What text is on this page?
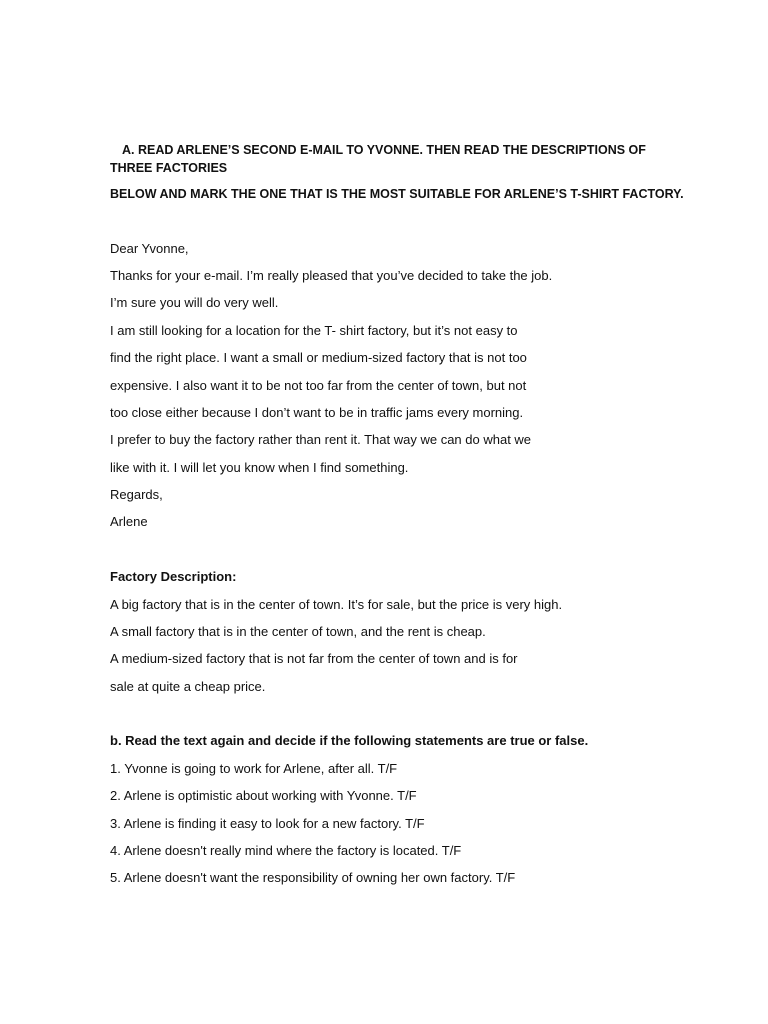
A. READ ARLENE’S SECOND E-MAIL TO YVONNE. THEN READ THE DESCRIPTIONS OF THREE FACTORIES
BELOW AND MARK THE ONE THAT IS THE MOST SUITABLE FOR ARLENE’S T-SHIRT FACTORY.
Dear Yvonne,
Thanks for your e-mail. I’m really pleased that you’ve decided to take the job.
I’m sure you will do very well.
I am still looking for a location for the T- shirt factory, but it’s not easy to
find the right place. I want a small or medium-sized factory that is not too
expensive. I also want it to be not too far from the center of town, but not
too close either because I don’t want to be in traffic jams every morning.
I prefer to buy the factory rather than rent it. That way we can do what we
like with it. I will let you know when I find something.
Regards,
Arlene
Factory Description:
A big factory that is in the center of town. It’s for sale, but the price is very high.
A small factory that is in the center of town, and the rent is cheap.
A medium-sized factory that is not far from the center of town and is for
sale at quite a cheap price.
b. Read the text again and decide if the following statements are true or false.
1. Yvonne is going to work for Arlene, after all. T/F
2. Arlene is optimistic about working with Yvonne. T/F
3. Arlene is finding it easy to look for a new factory. T/F
4. Arlene doesn't really mind where the factory is located. T/F
5. Arlene doesn't want the responsibility of owning her own factory. T/F
